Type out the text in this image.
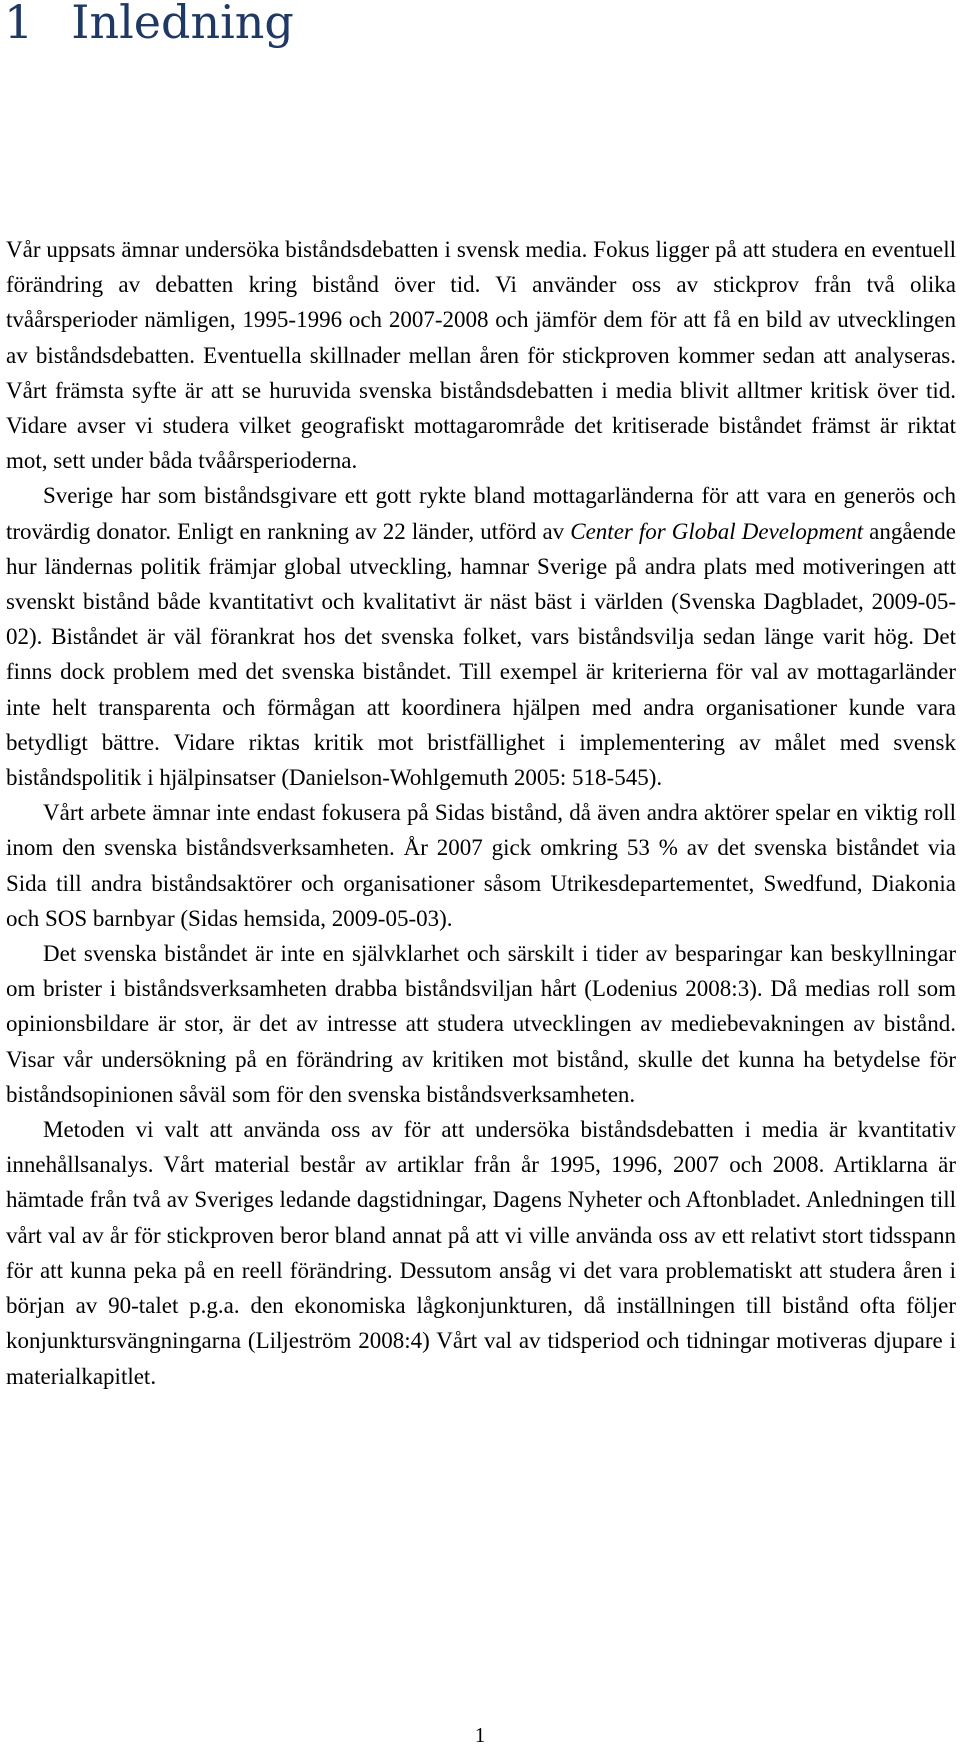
1 Inledning

Vår uppsats ämnar undersöka biståndsdebatten i svensk media. Fokus ligger på att studera en eventuell förändring av debatten kring bistånd över tid. Vi använder oss av stickprov från två olika tvåårsperioder nämligen, 1995-1996 och 2007-2008 och jämför dem för att få en bild av utvecklingen av biståndsdebatten. Eventuella skillnader mellan åren för stickproven kommer sedan att analyseras. Vårt främsta syfte är att se huruvida svenska biståndsdebatten i media blivit alltmer kritisk över tid. Vidare avser vi studera vilket geografiskt mottagarområde det kritiserade biståndet främst är riktat mot, sett under båda tvåårsperioderna.

Sverige har som biståndsgivare ett gott rykte bland mottagarländerna för att vara en generös och trovärdig donator. Enligt en rankning av 22 länder, utförd av Center for Global Development angående hur ländernas politik främjar global utveckling, hamnar Sverige på andra plats med motiveringen att svenskt bistånd både kvantitativt och kvalitativt är näst bäst i världen (Svenska Dagbladet, 2009-05-02). Biståndet är väl förankrat hos det svenska folket, vars biståndsvilja sedan länge varit hög. Det finns dock problem med det svenska biståndet. Till exempel är kriterierna för val av mottagarländer inte helt transparenta och förmågan att koordinera hjälpen med andra organisationer kunde vara betydligt bättre. Vidare riktas kritik mot bristfällighet i implementering av målet med svensk biståndspolitik i hjälpinsatser (Danielson-Wohlgemuth 2005: 518-545).

Vårt arbete ämnar inte endast fokusera på Sidas bistånd, då även andra aktörer spelar en viktig roll inom den svenska biståndsverksamheten. År 2007 gick omkring 53 % av det svenska biståndet via Sida till andra biståndsaktörer och organisationer såsom Utrikesdepartementet, Swedfund, Diakonia och SOS barnbyar (Sidas hemsida, 2009-05-03).

Det svenska biståndet är inte en självklarhet och särskilt i tider av besparingar kan beskyllningar om brister i biståndsverksamheten drabba biståndsviljan hårt (Lodenius 2008:3). Då medias roll som opinionsbildare är stor, är det av intresse att studera utvecklingen av mediebevakningen av bistånd. Visar vår undersökning på en förändring av kritiken mot bistånd, skulle det kunna ha betydelse för biståndsopinionen såväl som för den svenska biståndsverksamheten.

Metoden vi valt att använda oss av för att undersöka biståndsdebatten i media är kvantitativ innehållsanalys. Vårt material består av artiklar från år 1995, 1996, 2007 och 2008. Artiklarna är hämtade från två av Sveriges ledande dagstidningar, Dagens Nyheter och Aftonbladet. Anledningen till vårt val av år för stickproven beror bland annat på att vi ville använda oss av ett relativt stort tidsspann för att kunna peka på en reell förändring. Dessutom ansåg vi det vara problematiskt att studera åren i början av 90-talet p.g.a. den ekonomiska lågkonjunkturen, då inställningen till bistånd ofta följer konjunktursvängningarna (Liljeström 2008:4) Vårt val av tidsperiod och tidningar motiveras djupare i materialkapitlet.

1
